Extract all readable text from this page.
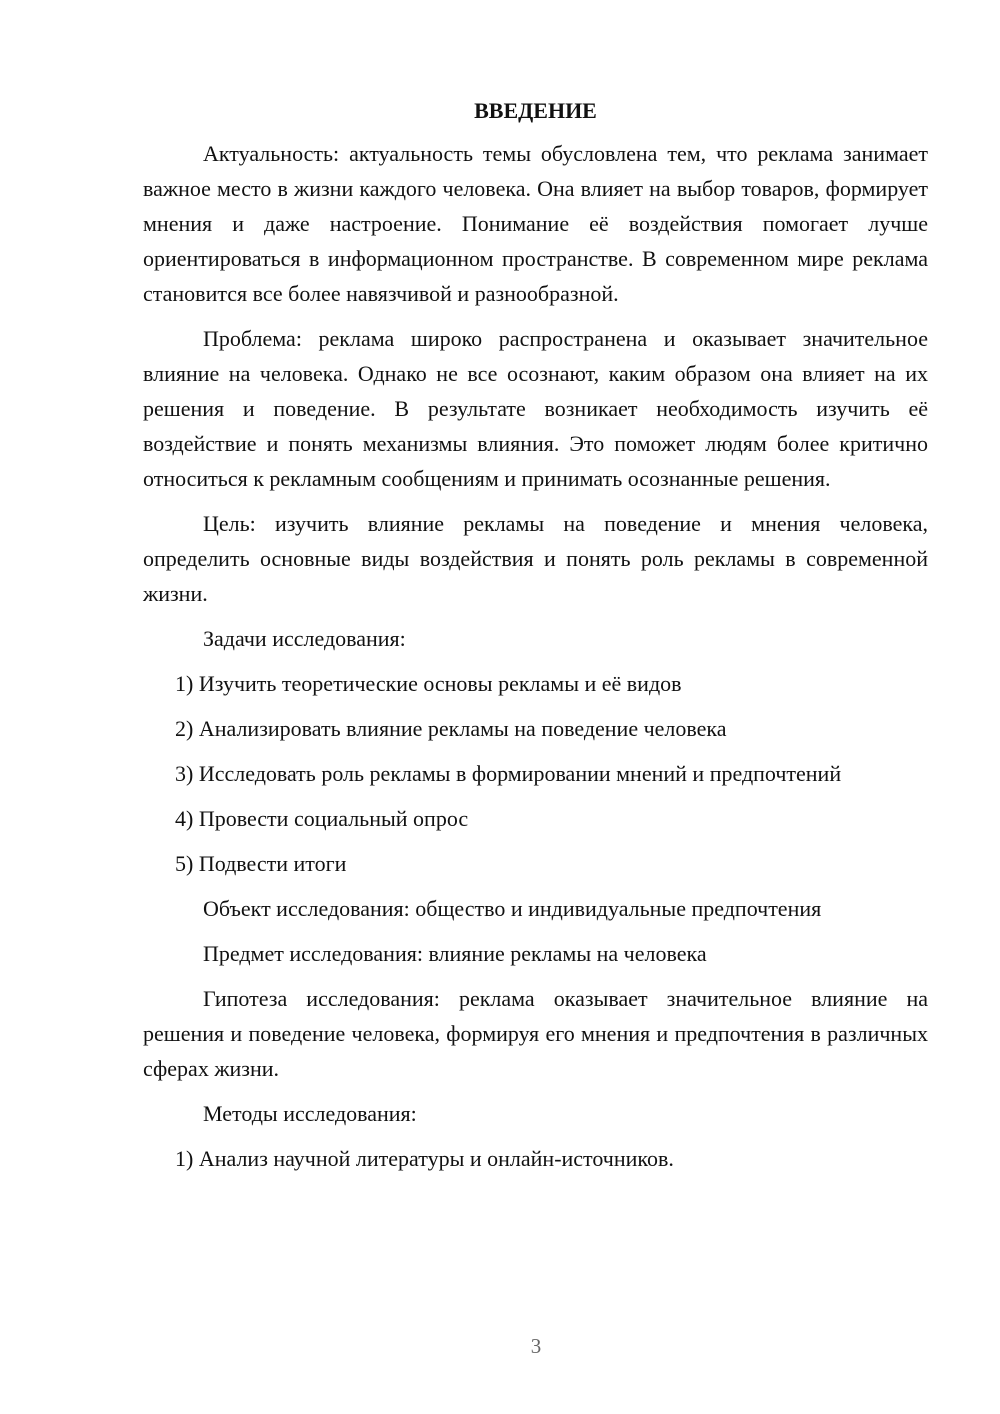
ВВЕДЕНИЕ

Актуальность: актуальность темы обусловлена тем, что реклама занимает важное место в жизни каждого человека. Она влияет на выбор товаров, формирует мнения и даже настроение. Понимание её воздействия помогает лучше ориентироваться в информационном пространстве. В современном мире реклама становится все более навязчивой и разнообразной.

Проблема: реклама широко распространена и оказывает значительное влияние на человека. Однако не все осознают, каким образом она влияет на их решения и поведение. В результате возникает необходимость изучить её воздействие и понять механизмы влияния. Это поможет людям более критично относиться к рекламным сообщениям и принимать осознанные решения.

Цель: изучить влияние рекламы на поведение и мнения человека, определить основные виды воздействия и понять роль рекламы в современной жизни.

Задачи исследования:

1) Изучить теоретические основы рекламы и её видов

2) Анализировать влияние рекламы на поведение человека

3) Исследовать роль рекламы в формировании мнений и предпочтений

4) Провести социальный опрос

5) Подвести итоги

Объект исследования: общество и индивидуальные предпочтения

Предмет исследования: влияние рекламы на человека

Гипотеза исследования: реклама оказывает значительное влияние на решения и поведение человека, формируя его мнения и предпочтения в различных сферах жизни.

Методы исследования:

1) Анализ научной литературы и онлайн-источников.

3
